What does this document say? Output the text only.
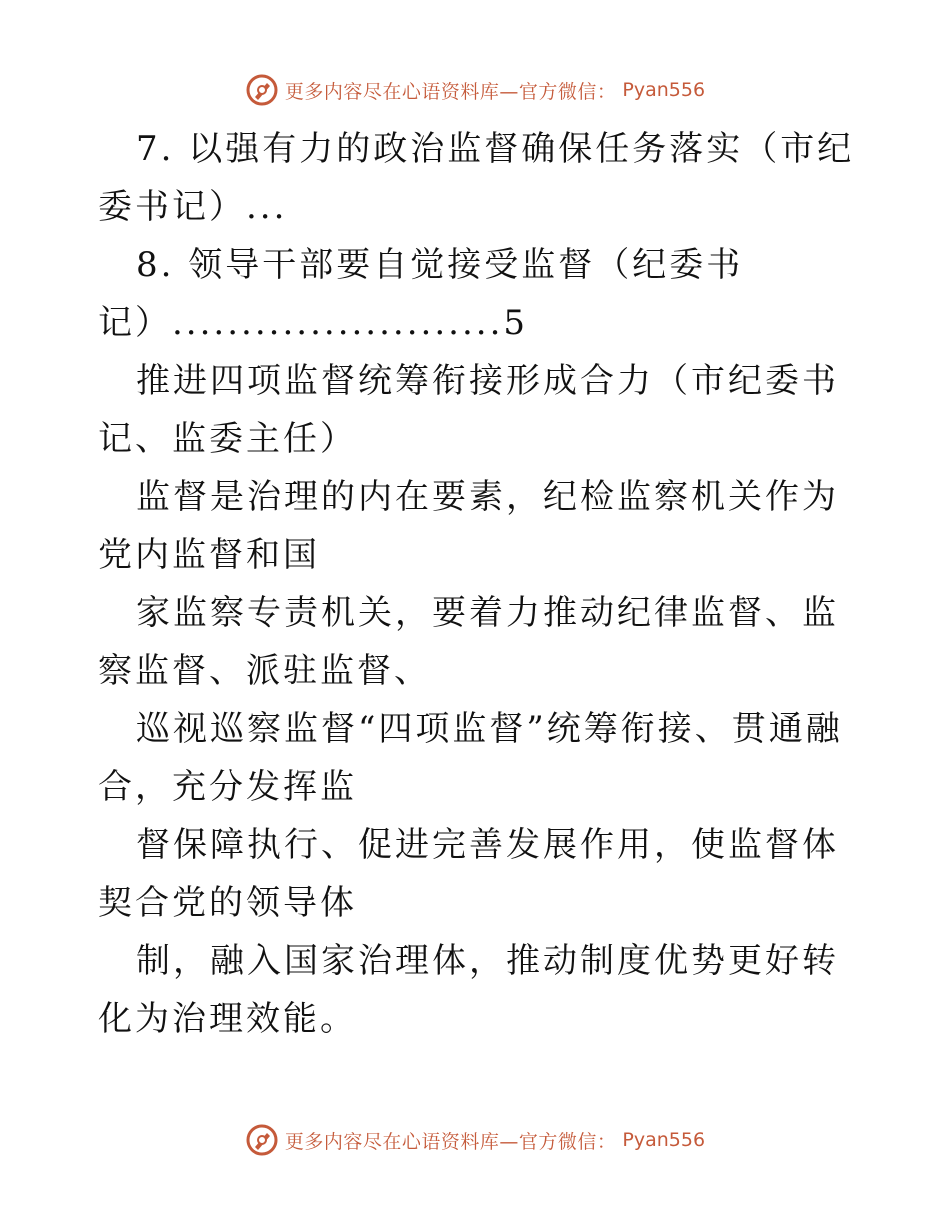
更多内容尽在心语资料库—官方微信： Pyan556

7. 以强有力的政治监督确保任务落实（市纪委书记）...

8. 领导干部要自觉接受监督（纪委书记）........................5

推进四项监督统筹衔接形成合力（市纪委书记、监委主任）

监督是治理的内在要素，纪检监察机关作为党内监督和国

家监察专责机关，要着力推动纪律监督、监察监督、派驻监督、

巡视巡察监督“四项监督”统筹衔接、贯通融合，充分发挥监

督保障执行、促进完善发展作用，使监督体契合党的领导体

制，融入国家治理体，推动制度优势更好转化为治理效能。

更多内容尽在心语资料库—官方微信： Pyan556
